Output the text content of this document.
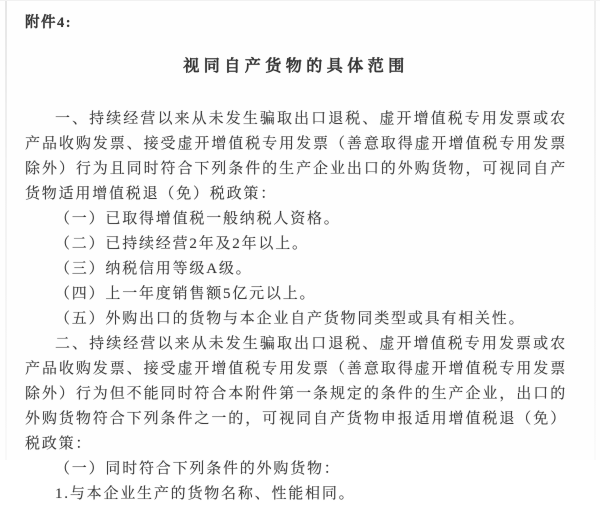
附件4:
视同自产货物的具体范围

一、持续经营以来从未发生骗取出口退税、虚开增值税专用发票或农产品收购发票、接受虚开增值税专用发票（善意取得虚开增值税专用发票除外）行为且同时符合下列条件的生产企业出口的外购货物，可视同自产货物适用增值税退（免）税政策：

（一）已取得增值税一般纳税人资格。

（二）已持续经营2年及2年以上。

（三）纳税信用等级A级。

（四）上一年度销售额5亿元以上。

（五）外购出口的货物与本企业自产货物同类型或具有相关性。

二、持续经营以来从未发生骗取出口退税、虚开增值税专用发票或农产品收购发票、接受虚开增值税专用发票（善意取得虚开增值税专用发票除外）行为但不能同时符合本附件第一条规定的条件的生产企业，出口的外购货物符合下列条件之一的，可视同自产货物申报适用增值税退（免）税政策：

（一）同时符合下列条件的外购货物：

1.与本企业生产的货物名称、性能相同。
